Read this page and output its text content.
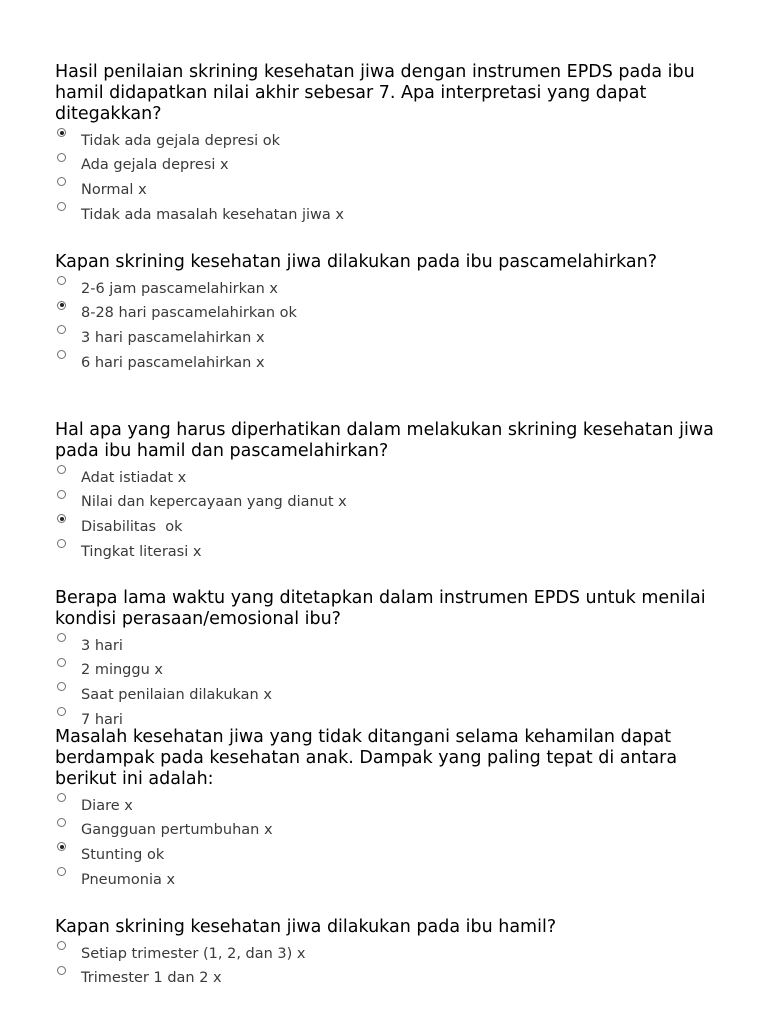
Hasil penilaian skrining kesehatan jiwa dengan instrumen EPDS pada ibu hamil didapatkan nilai akhir sebesar 7. Apa interpretasi yang dapat ditegakkan?

Tidak ada gejala depresi ok
Ada gejala depresi x
Normal x
Tidak ada masalah kesehatan jiwa x

Kapan skrining kesehatan jiwa dilakukan pada ibu pascamelahirkan?

2-6 jam pascamelahirkan x
8-28 hari pascamelahirkan ok
3 hari pascamelahirkan x
6 hari pascamelahirkan x

Hal apa yang harus diperhatikan dalam melakukan skrining kesehatan jiwa pada ibu hamil dan pascamelahirkan?

Adat istiadat x
Nilai dan kepercayaan yang dianut x
Disabilitas  ok
Tingkat literasi x

Berapa lama waktu yang ditetapkan dalam instrumen EPDS untuk menilai kondisi perasaan/emosional ibu?

3 hari
2 minggu x
Saat penilaian dilakukan x
7 hari

Masalah kesehatan jiwa yang tidak ditangani selama kehamilan dapat berdampak pada kesehatan anak. Dampak yang paling tepat di antara berikut ini adalah:

Diare x
Gangguan pertumbuhan x
Stunting ok
Pneumonia x

Kapan skrining kesehatan jiwa dilakukan pada ibu hamil?

Setiap trimester (1, 2, dan 3) x
Trimester 1 dan 2 x
